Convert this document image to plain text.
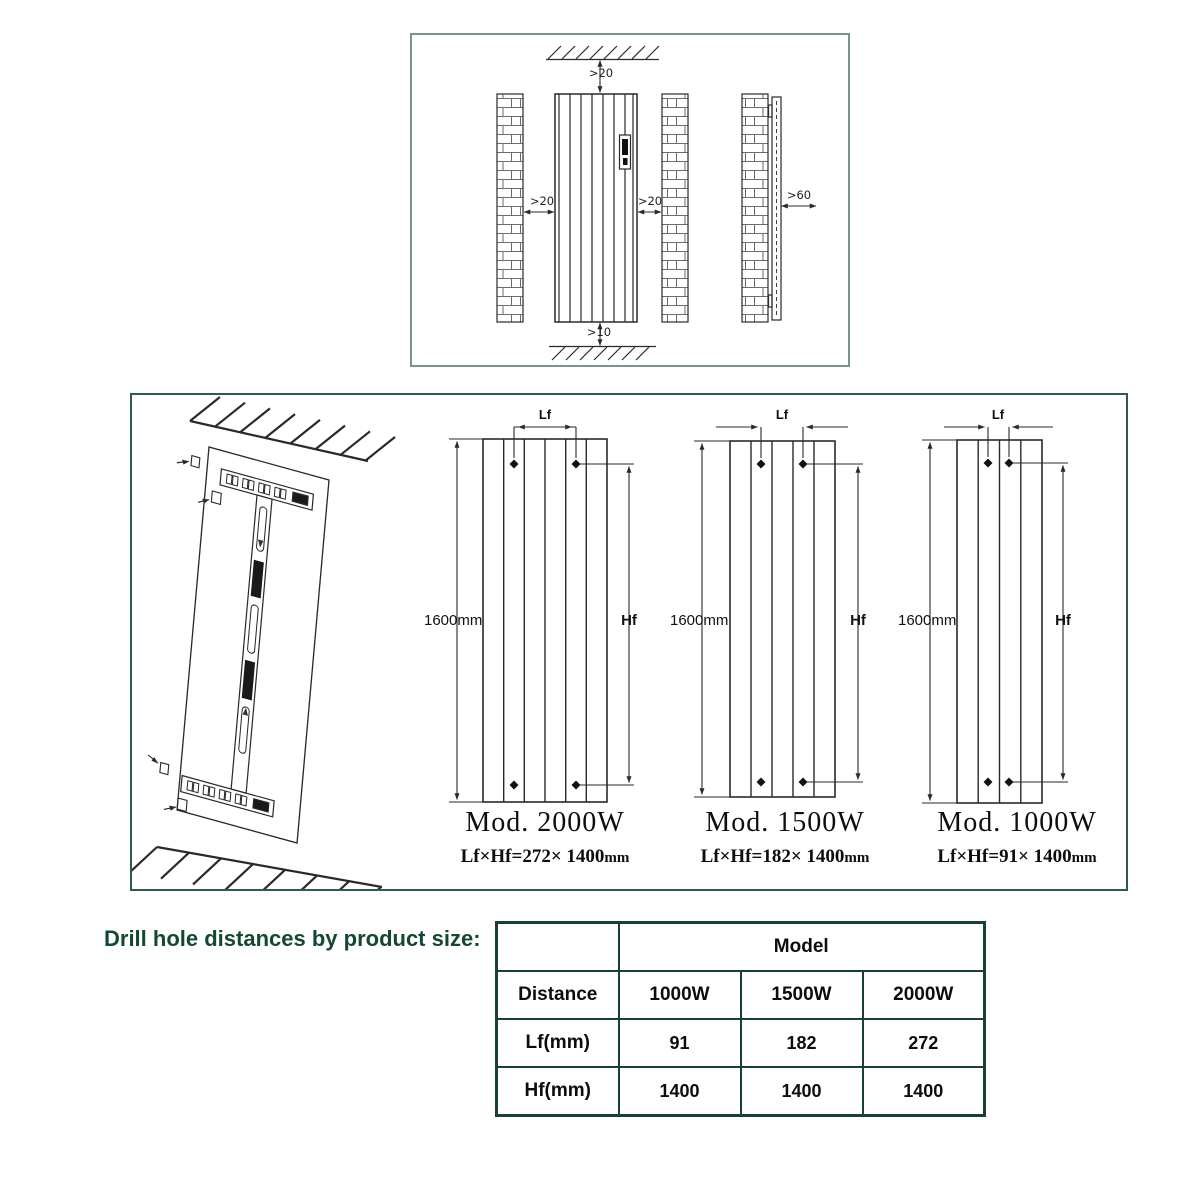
>20
>20	>20	>60
>10
Lf
1600mm	Hf
Lf
1600mm	Hf
Lf
1600mm	Hf
Mod. 2000W
Lf×Hf=272× 1400mm
Mod. 1500W
Lf×Hf=182× 1400mm
Mod. 1000W
Lf×Hf=91× 1400mm
Drill hole distances by product size:
		Model		
Distance	1000W	1500W	2000W
Lf(mm)	91	182	272
Hf(mm)	1400	1400	1400
